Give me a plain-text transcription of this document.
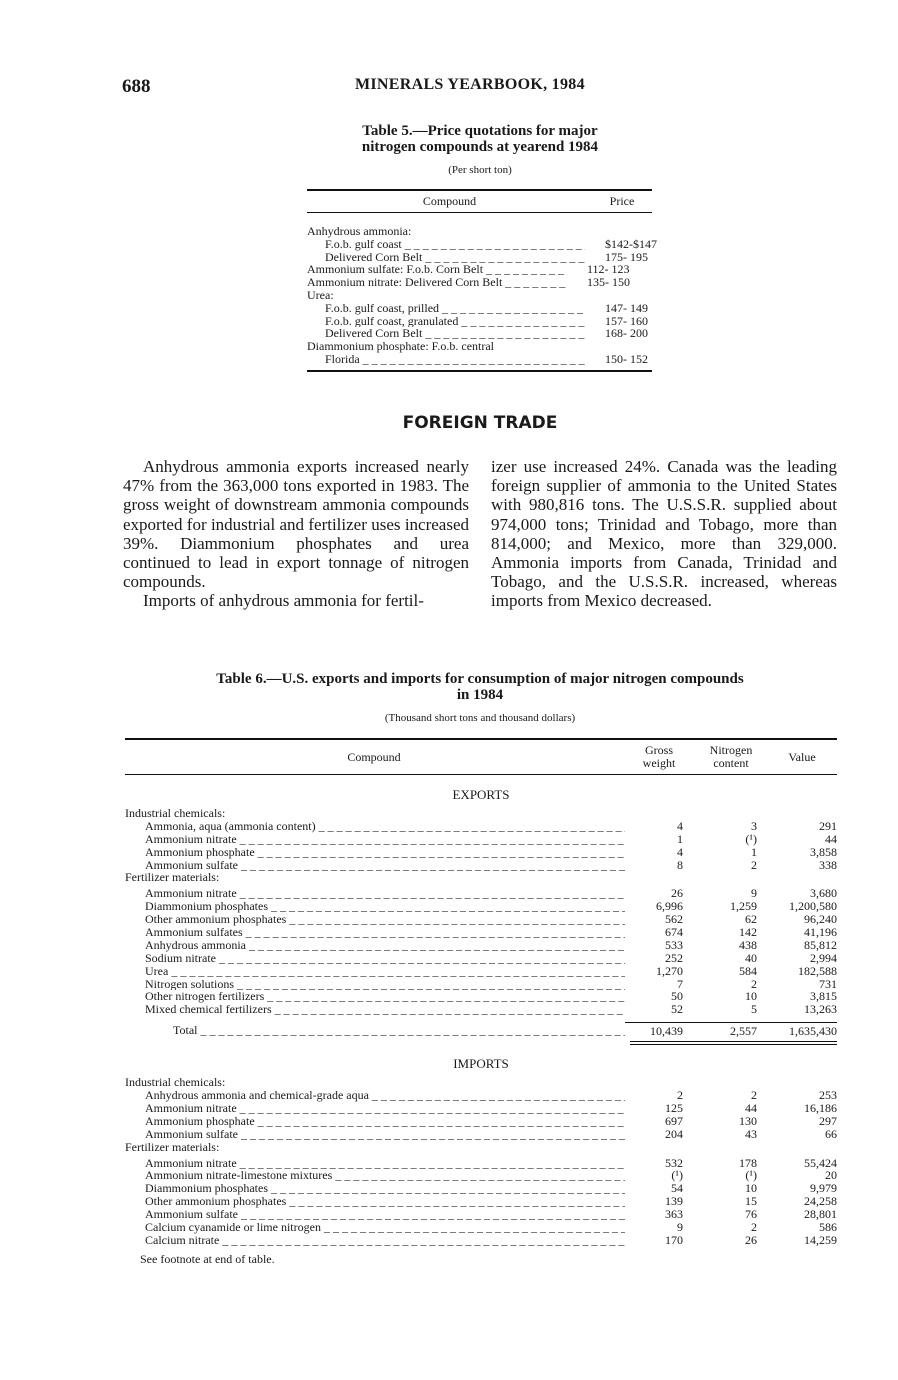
688	MINERALS YEARBOOK, 1984
Table 5.—Price quotations for major
nitrogen compounds at yearend 1984
(Per short ton)
Compound	Price
Anhydrous ammonia:
F.o.b. gulf coast _ _ _	$142-$147
Delivered Corn Belt _ _ _	175- 195
Ammonium sulfate: F.o.b. Corn Belt _ _ _	112- 123
Ammonium nitrate: Delivered Corn Belt _ _ _	135- 150
Urea:
F.o.b. gulf coast, prilled _ _ _	147- 149
F.o.b. gulf coast, granulated _ _ _	157- 160
Delivered Corn Belt _ _ _	168- 200
Diammonium phosphate: F.o.b. central
Florida _ _ _	150- 152
FOREIGN TRADE

Anhydrous ammonia exports increased nearly 47% from the 363,000 tons exported in 1983. The gross weight of downstream ammonia compounds exported for industrial and fertilizer uses increased 39%. Diammonium phosphates and urea continued to lead in export tonnage of nitrogen compounds.

Imports of anhydrous ammonia for fertil-

izer use increased 24%. Canada was the leading foreign supplier of ammonia to the United States with 980,816 tons. The U.S.S.R. supplied about 974,000 tons; Trinidad and Tobago, more than 814,000; and Mexico, more than 329,000. Ammonia imports from Canada, Trinidad and Tobago, and the U.S.S.R. increased, whereas imports from Mexico decreased.

Table 6.—U.S. exports and imports for consumption of major nitrogen compounds
in 1984
(Thousand short tons and thousand dollars)
Compound	Gross
weight
Nitrogen
content	Value
EXPORTS
Industrial chemicals:
Ammonia, aqua (ammonia content) _ _ _	4	3	291
Ammonium nitrate _ _ _	1	(¹)	44
Ammonium phosphate _ _ _	4	1	3,858
Ammonium sulfate _ _ _	8	2	338
Fertilizer materials:
Ammonium nitrate _ _ _	26	9	3,680
Diammonium phosphates _ _ _	6,996	1,259	1,200,580
Other ammonium phosphates _ _ _	562	62	96,240
Ammonium sulfates _ _ _	674	142	41,196
Anhydrous ammonia _ _ _	533	438	85,812
Sodium nitrate _ _ _	252	40	2,994
Urea _ _ _	1,270	584	182,588
Nitrogen solutions _ _ _	7	2	731
Other nitrogen fertilizers _ _ _	50	10	3,815
Mixed chemical fertilizers _ _ _	52	5	13,263
Total _ _ _	10,439	2,557	1,635,430
IMPORTS
Industrial chemicals:
Anhydrous ammonia and chemical-grade aqua _ _ _	2	2	253
Ammonium nitrate _ _ _	125	44	16,186
Ammonium phosphate _ _ _	697	130	297
Ammonium sulfate _ _ _	204	43	66
Fertilizer materials:
Ammonium nitrate _ _ _	532	178	55,424
Ammonium nitrate-limestone mixtures _ _ _	(¹)	(¹)	20
Diammonium phosphates _ _ _	54	10	9,979
Other ammonium phosphates _ _ _	139	15	24,258
Ammonium sulfate _ _ _	363	76	28,801
Calcium cyanamide or lime nitrogen _ _ _	9	2	586
Calcium nitrate _ _ _	170	26	14,259
See footnote at end of table.
